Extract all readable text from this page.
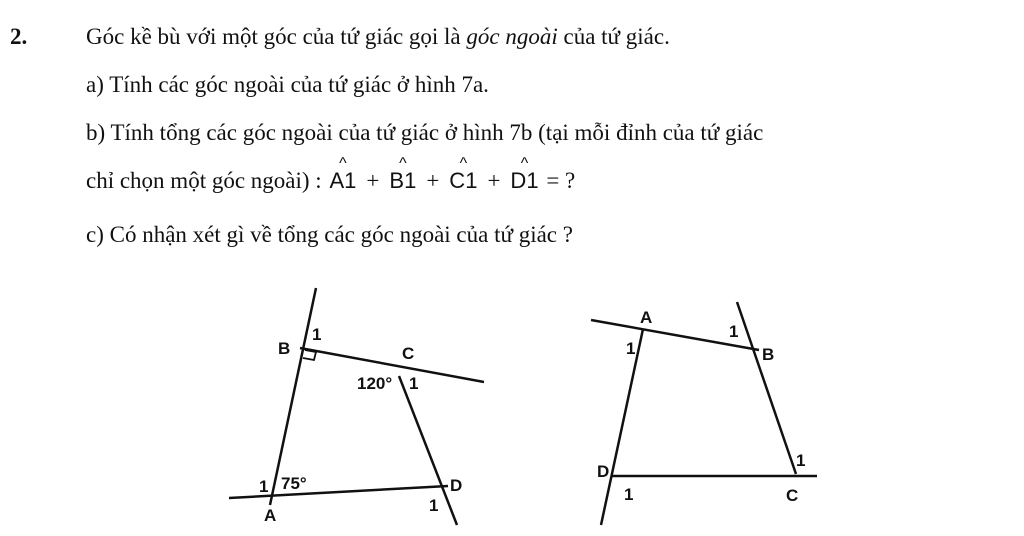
2.	Góc kề bù với một góc của tứ giác gọi là góc ngoài của tứ giác.
a) Tính các góc ngoài của tứ giác ở hình 7a.
b) Tính tổng các góc ngoài của tứ giác ở hình 7b (tại mỗi đỉnh của tứ giác
chỉ chọn một góc ngoài) :
^
A1 +
^
B1 +
^
C1 +
^
D1 = ?
c) Có nhận xét gì về tổng các góc ngoài của tứ giác ?
B
1
C
120° 1
1 75°
A
D
1
A
1
1
B
1
C
D
1
